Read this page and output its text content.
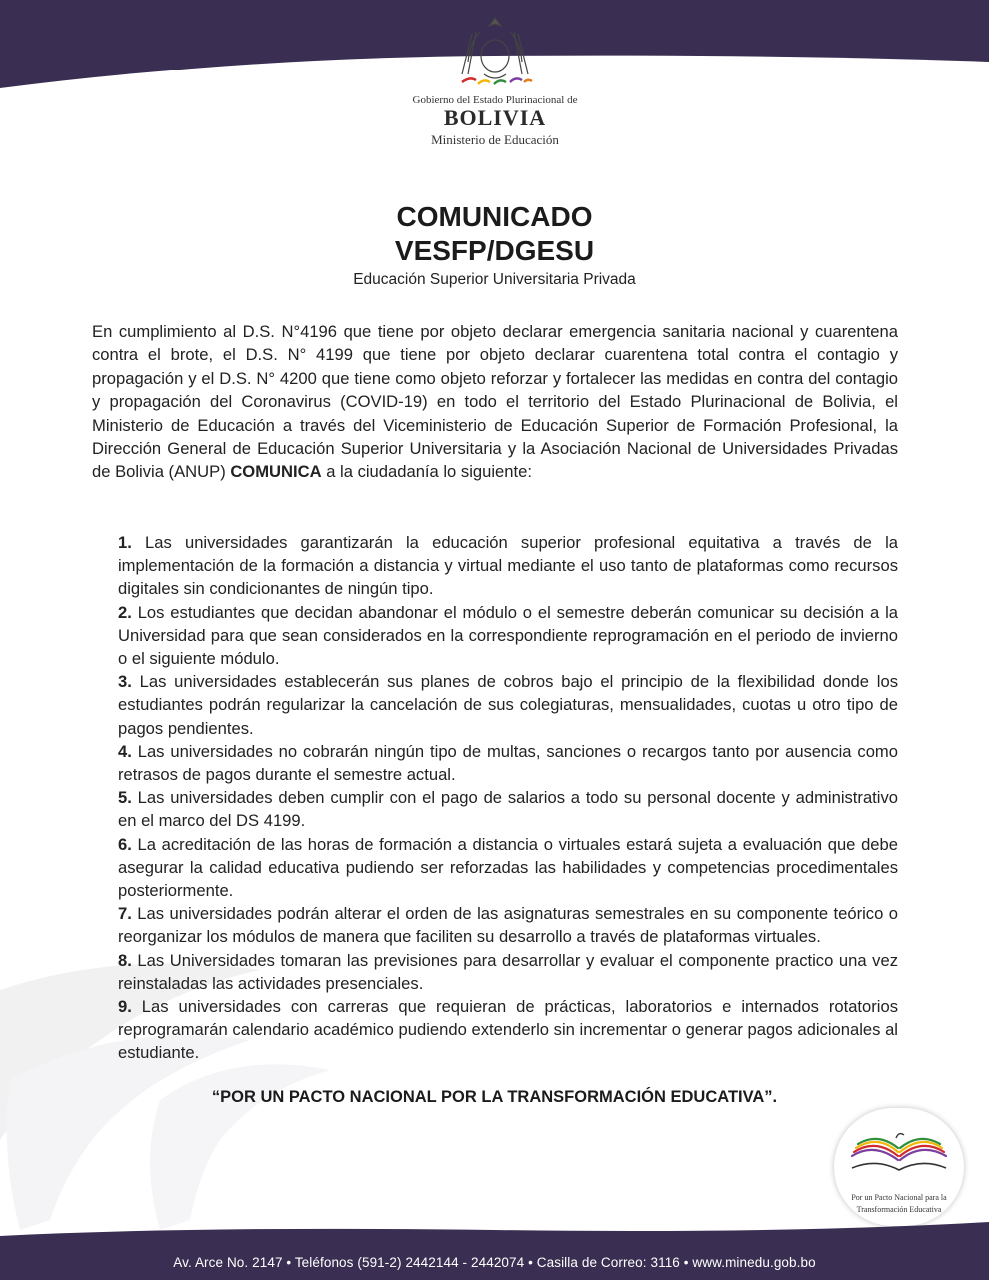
Gobierno del Estado Plurinacional de
BOLIVIA
Ministerio de Educación
COMUNICADO
VESFP/DGESU
Educación Superior Universitaria Privada
En cumplimiento al D.S. N°4196 que tiene por objeto declarar emergencia sanitaria nacional y cuarentena contra el brote, el D.S. N° 4199 que tiene por objeto declarar cuarentena total contra el contagio y propagación y el D.S. N° 4200 que tiene como objeto reforzar y fortalecer las medidas en contra del contagio y propagación del Coronavirus (COVID-19) en todo el territorio del Estado Plurinacional de Bolivia, el Ministerio de Educación a través del Viceministerio de Educación Superior de Formación Profesional, la Dirección General de Educación Superior Universitaria y la Asociación Nacional de Universidades Privadas de Bolivia (ANUP) COMUNICA a la ciudadanía lo siguiente:

1. Las universidades garantizarán la educación superior profesional equitativa a través de la implementación de la formación a distancia y virtual mediante el uso tanto de plataformas como recursos digitales sin condicionantes de ningún tipo.

2. Los estudiantes que decidan abandonar el módulo o el semestre deberán comunicar su decisión a la Universidad para que sean considerados en la correspondiente reprogramación en el periodo de invierno o el siguiente módulo.

3. Las universidades establecerán sus planes de cobros bajo el principio de la flexibilidad donde los estudiantes podrán regularizar la cancelación de sus colegiaturas, mensualidades, cuotas u otro tipo de pagos pendientes.

4. Las universidades no cobrarán ningún tipo de multas, sanciones o recargos tanto por ausencia como retrasos de pagos durante el semestre actual.

5. Las universidades deben cumplir con el pago de salarios a todo su personal docente y administrativo en el marco del DS 4199.

6. La acreditación de las horas de formación a distancia o virtuales estará sujeta a evaluación que debe asegurar la calidad educativa pudiendo ser reforzadas las habilidades y competencias procedimentales posteriormente.

7. Las universidades podrán alterar el orden de las asignaturas semestrales en su componente teórico o reorganizar los módulos de manera que faciliten su desarrollo a través de plataformas virtuales.

8. Las Universidades tomaran las previsiones para desarrollar y evaluar el componente practico una vez reinstaladas las actividades presenciales.

9. Las universidades con carreras que requieran de prácticas, laboratorios e internados rotatorios reprogramarán calendario académico pudiendo extenderlo sin incrementar o generar pagos adicionales al estudiante.

“POR UN PACTO NACIONAL POR LA TRANSFORMACIÓN EDUCATIVA”.
Por un Pacto Nacional para la
Transformación Educativa
Av. Arce No. 2147 • Teléfonos (591-2) 2442144 - 2442074 • Casilla de Correo: 3116 • www.minedu.gob.bo
